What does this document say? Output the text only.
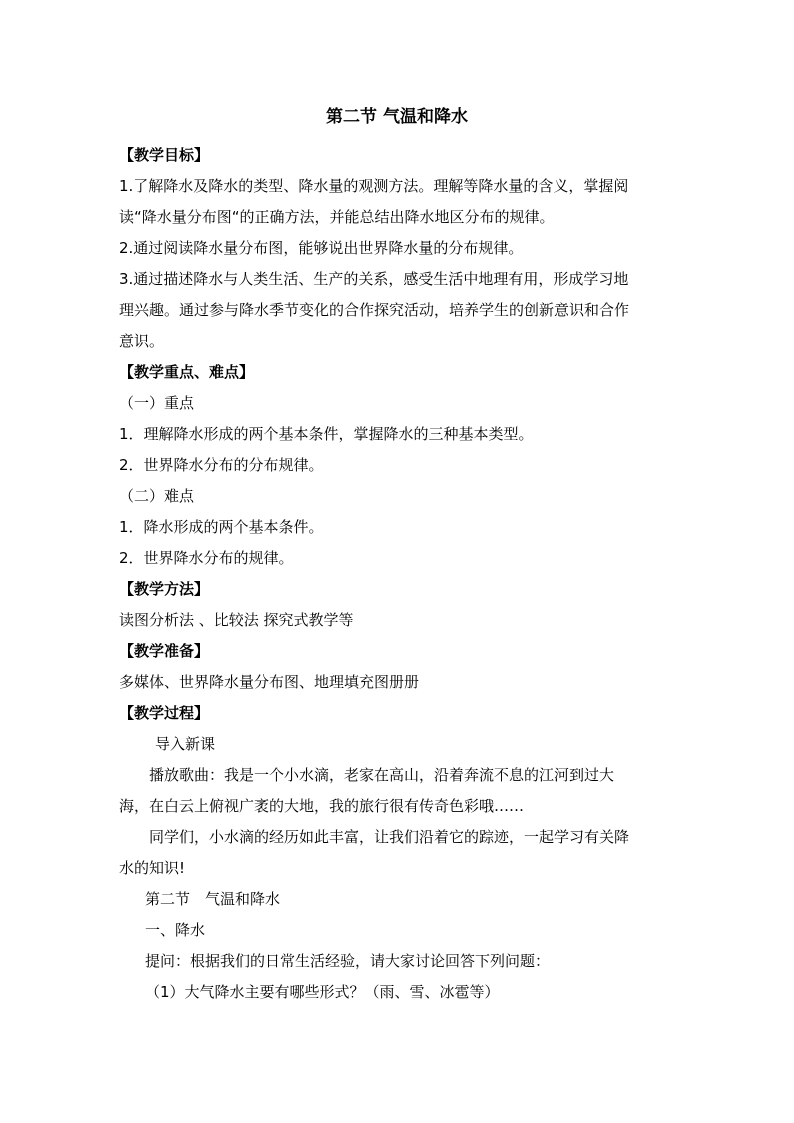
第二节 气温和降水
【教学目标】
1.了解降水及降水的类型、降水量的观测方法。理解等降水量的含义，掌握阅
读“降水量分布图“的正确方法，并能总结出降水地区分布的规律。
2.通过阅读降水量分布图，能够说出世界降水量的分布规律。
3.通过描述降水与人类生活、生产的关系，感受生活中地理有用，形成学习地
理兴趣。通过参与降水季节变化的合作探究活动，培养学生的创新意识和合作
意识。
【教学重点、难点】
（一）重点
1．理解降水形成的两个基本条件，掌握降水的三种基本类型。
2．世界降水分布的分布规律。
（二）难点
1．降水形成的两个基本条件。
2．世界降水分布的规律。
【教学方法】
读图分析法 、比较法 探究式教学等
【教学准备】
多媒体、世界降水量分布图、地理填充图册册
【教学过程】
导入新课
播放歌曲：我是一个小水滴，老家在高山，沿着奔流不息的江河到过大
海，在白云上俯视广袤的大地，我的旅行很有传奇色彩哦……
同学们，小水滴的经历如此丰富，让我们沿着它的踪迹，一起学习有关降
水的知识!
第二节　气温和降水
一、降水
提问：根据我们的日常生活经验，请大家讨论回答下列问题：
（1）大气降水主要有哪些形式？（雨、雪、冰雹等）
